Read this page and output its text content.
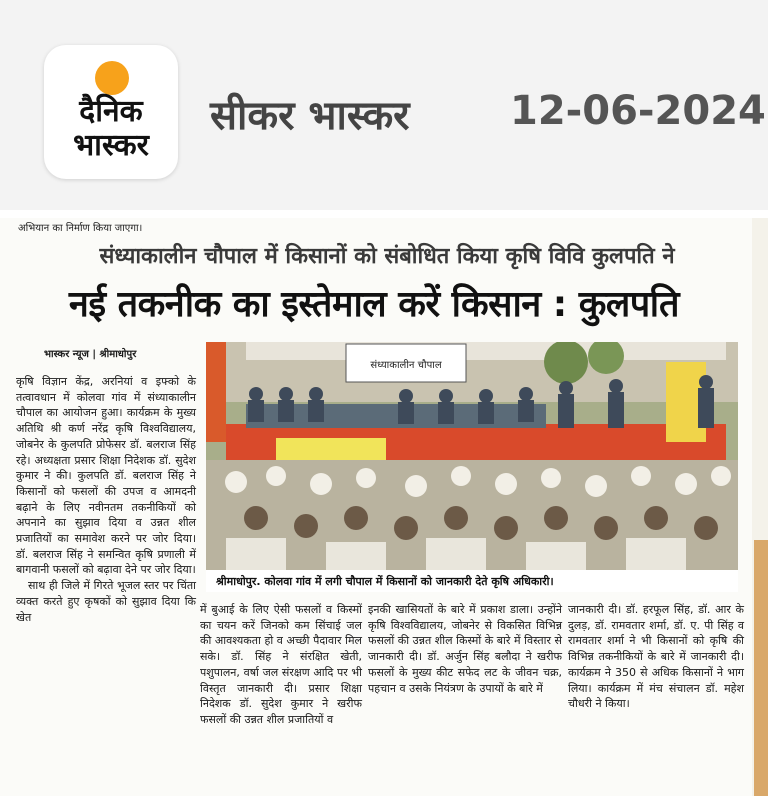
दैनिक
भास्कर
सीकर भास्कर	12-06-2024
अभियान का निर्माण किया जाएगा।
संध्याकालीन चौपाल में किसानों को संबोधित किया कृषि विवि कुलपति ने
नई तकनीक का इस्तेमाल करें किसान : कुलपति
भास्कर न्यूज | श्रीमाधोपुर
संध्याकालीन चौपाल
श्रीमाधोपुर. कोलवा गांव में लगी चौपाल में किसानों को जानकारी देते कृषि अधिकारी।

कृषि विज्ञान केंद्र, अरनियां व इफ्को के तत्वावधान में कोलवा गांव में संध्याकालीन चौपाल का आयोजन हुआ। कार्यक्रम के मुख्य अतिथि श्री कर्ण नरेंद्र कृषि विश्वविद्यालय, जोबनेर के कुलपति प्रोफेसर डॉ. बलराज सिंह रहे। अध्यक्षता प्रसार शिक्षा निदेशक डॉ. सुदेश कुमार ने की। कुलपति डॉ. बलराज सिंह ने किसानों को फसलों की उपज व आमदनी बढ़ाने के लिए नवीनतम तकनीकियों को अपनाने का सुझाव दिया व उन्नत शील प्रजातियों का समावेश करने पर जोर दिया। डॉ. बलराज सिंह ने समन्वित कृषि प्रणाली में बागवानी फसलों को बढ़ावा देने पर जोर दिया।

साथ ही जिले में गिरते भूजल स्तर पर चिंता व्यक्त करते हुए कृषकों को सुझाव दिया कि खेत

में बुआई के लिए ऐसी फसलों व किस्मों का चयन करें जिनको कम सिंचाई जल की आवश्यकता हो व अच्छी पैदावार मिल सके। डॉ. सिंह ने संरक्षित खेती, पशुपालन, वर्षा जल संरक्षण आदि पर भी विस्तृत जानकारी दी। प्रसार शिक्षा निदेशक डॉ. सुदेश कुमार ने खरीफ फसलों की उन्नत शील प्रजातियों व

इनकी खासियतों के बारे में प्रकाश डाला। उन्होंने कृषि विश्वविद्यालय, जोबनेर से विकसित विभिन्न फसलों की उन्नत शील किस्मों के बारे में विस्तार से जानकारी दी। डॉ. अर्जुन सिंह बलौदा ने खरीफ फसलों के मुख्य कीट सफेद लट के जीवन चक्र, पहचान व उसके नियंत्रण के उपायों के बारे में

जानकारी दी। डॉ. हरफूल सिंह, डॉ. आर के दुलड़, डॉ. रामवतार शर्मा, डॉ. ए. पी सिंह व रामवतार शर्मा ने भी किसानों को कृषि की विभिन्न तकनीकियों के बारे में जानकारी दी। कार्यक्रम ने 350 से अधिक किसानों ने भाग लिया। कार्यक्रम में मंच संचालन डॉ. महेश चौधरी ने किया।
